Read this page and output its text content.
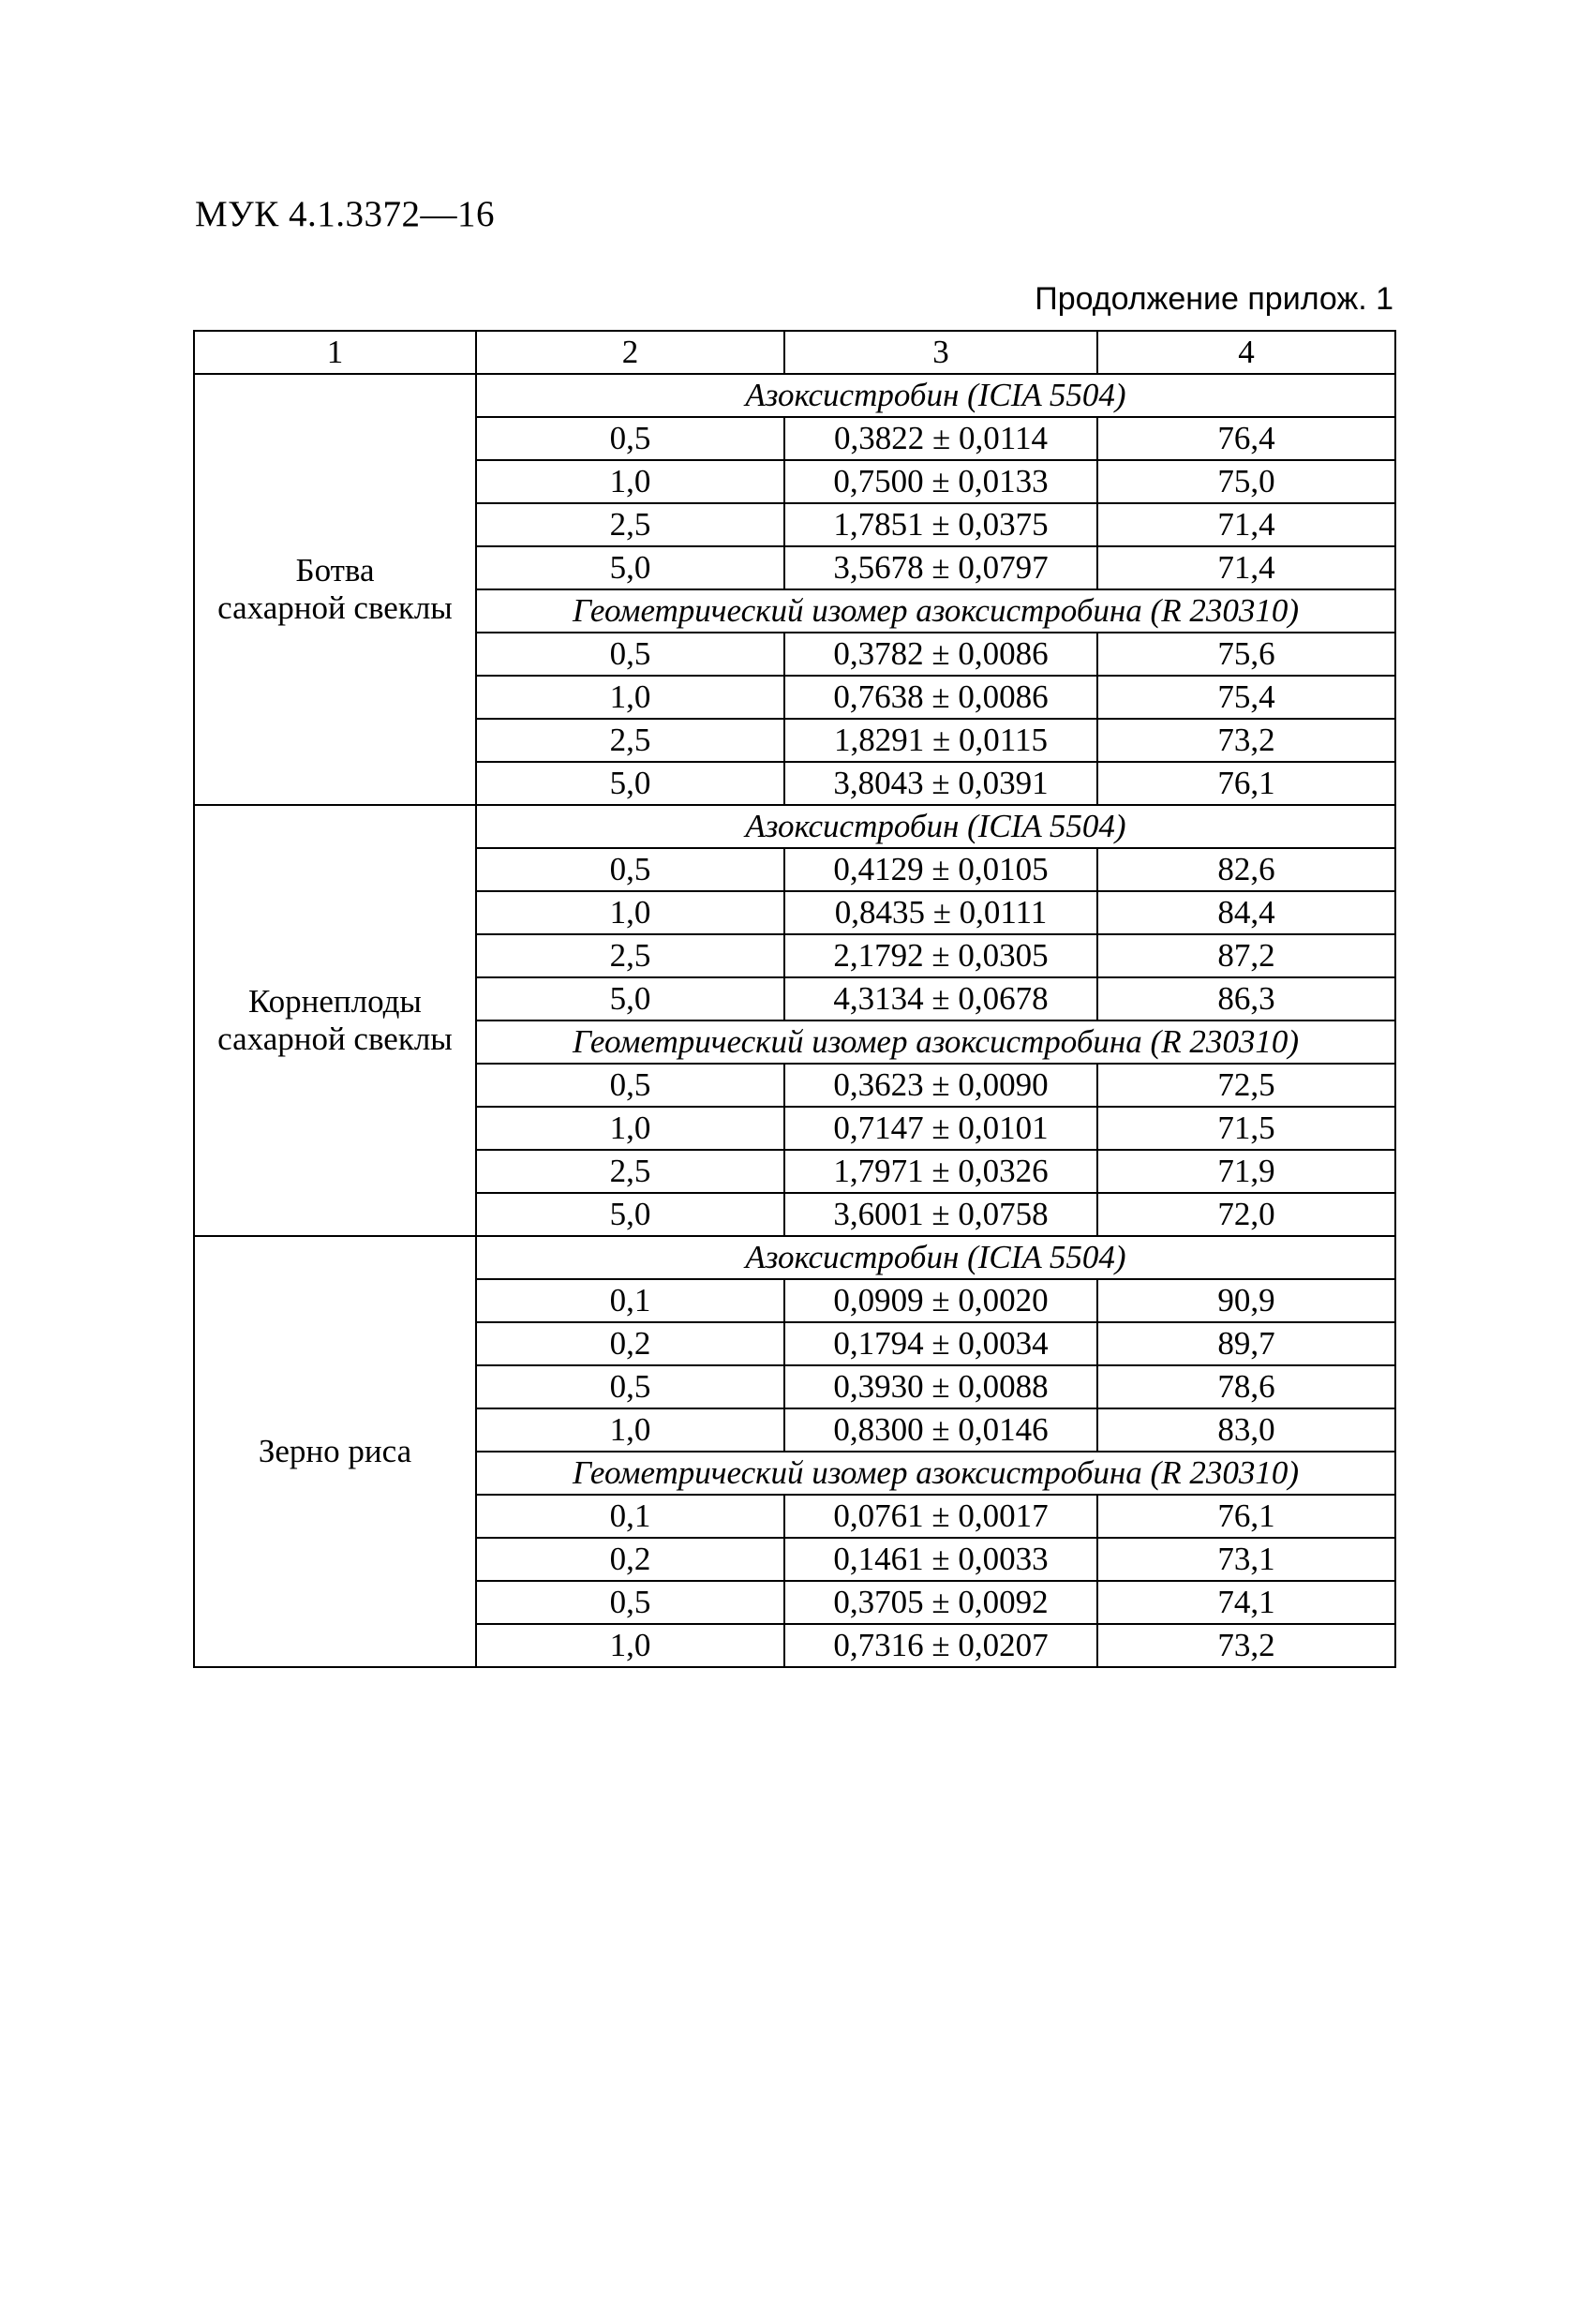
МУК 4.1.3372—16
Продолжение прилож. 1
1	2	3	4

Ботва
сахарной свеклы	Азоксистробин (ICIA 5504)		
	0,5	0,3822 ± 0,0114	76,4
	1,0	0,7500 ± 0,0133	75,0
	2,5	1,7851 ± 0,0375	71,4
	5,0	3,5678 ± 0,0797	71,4
	Геометрический изомер азоксистробина (R 230310)		
	0,5	0,3782 ± 0,0086	75,6
	1,0	0,7638 ± 0,0086	75,4
	2,5	1,8291 ± 0,0115	73,2
	5,0	3,8043 ± 0,0391	76,1

Корнеплоды
сахарной свеклы	Азоксистробин (ICIA 5504)		
	0,5	0,4129 ± 0,0105	82,6
	1,0	0,8435 ± 0,0111	84,4
	2,5	2,1792 ± 0,0305	87,2
	5,0	4,3134 ± 0,0678	86,3
	Геометрический изомер азоксистробина (R 230310)		
	0,5	0,3623 ± 0,0090	72,5
	1,0	0,7147 ± 0,0101	71,5
	2,5	1,7971 ± 0,0326	71,9
	5,0	3,6001 ± 0,0758	72,0

Зерно риса	Азоксистробин (ICIA 5504)		
	0,1	0,0909 ± 0,0020	90,9
	0,2	0,1794 ± 0,0034	89,7
	0,5	0,3930 ± 0,0088	78,6
	1,0	0,8300 ± 0,0146	83,0
	Геометрический изомер азоксистробина (R 230310)		
	0,1	0,0761 ± 0,0017	76,1
	0,2	0,1461 ± 0,0033	73,1
	0,5	0,3705 ± 0,0092	74,1
	1,0	0,7316 ± 0,0207	73,2
